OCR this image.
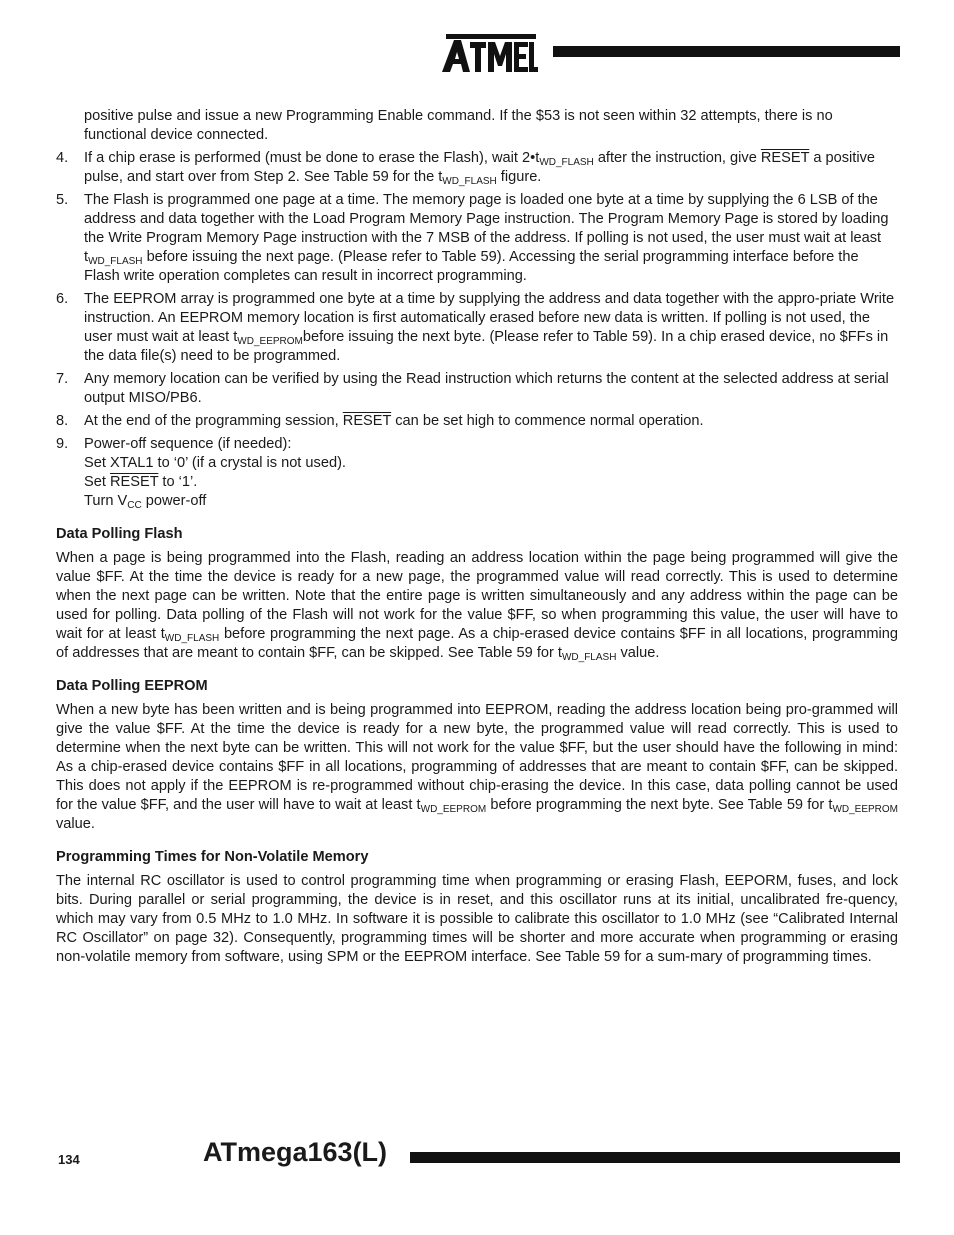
positive pulse and issue a new Programming Enable command. If the $53 is not seen within 32 attempts, there is no functional device connected.

4. If a chip erase is performed (must be done to erase the Flash), wait $2•t_{WD\_FLASH}$ after the instruction, give RESET a positive pulse, and start over from Step 2. See Table 59 for the $t_{WD\_FLASH}$ figure.
5. The Flash is programmed one page at a time. The memory page is loaded one byte at a time by supplying the 6 LSB of the address and data together with the Load Program Memory Page instruction. The Program Memory Page is stored by loading the Write Program Memory Page instruction with the 7 MSB of the address. If polling is not used, the user must wait at least $t_{WD\_FLASH}$ before issuing the next page. (Please refer to Table 59). Accessing the serial programming interface before the Flash write operation completes can result in incorrect programming.
6. The EEPROM array is programmed one byte at a time by supplying the address and data together with the appro-priate Write instruction. An EEPROM memory location is first automatically erased before new data is written. If polling is not used, the user must wait at least $t_{WD\_EEPROM}before$ issuing the next byte. (Please refer to Table 59). In a chip erased device, no $FFs in the data file(s) need to be programmed.
7. Any memory location can be verified by using the Read instruction which returns the content at the selected address at serial output MISO/PB6.
8. At the end of the programming session, RESET can be set high to commence normal operation.
9. Power-off sequence (if needed):
Set XTAL1 to ‘0’ (if a crystal is not used).
Set RESET to ‘1’.
Turn $V_{CC}$ power-off
Data Polling Flash

When a page is being programmed into the Flash, reading an address location within the page being programmed will give the value $FF. At the time the device is ready for a new page, the programmed value will read correctly. This is used to determine when the next page can be written. Note that the entire page is written simultaneously and any address within the page can be used for polling. Data polling of the Flash will not work for the value $FF, so when programming this value, the user will have to wait for at least $t_{WD\_FLASH}$ before programming the next page. As a chip-erased device contains $FF in all locations, programming of addresses that are meant to contain $FF, can be skipped. See Table 59 for $t_{WD\_FLASH}$ value.

Data Polling EEPROM

When a new byte has been written and is being programmed into EEPROM, reading the address location being pro-grammed will give the value $FF. At the time the device is ready for a new byte, the programmed value will read correctly. This is used to determine when the next byte can be written. This will not work for the value $FF, but the user should have the following in mind: As a chip-erased device contains $FF in all locations, programming of addresses that are meant to contain $FF, can be skipped. This does not apply if the EEPROM is re-programmed without chip-erasing the device. In this case, data polling cannot be used for the value $FF, and the user will have to wait at least $t_{WD\_EEPROM}$ before programming the next byte. See Table 59 for $t_{WD\_EEPROM}$ value.

Programming Times for Non-Volatile Memory

The internal RC oscillator is used to control programming time when programming or erasing Flash, EEPORM, fuses, and lock bits. During parallel or serial programming, the device is in reset, and this oscillator runs at its initial, uncalibrated fre-quency, which may vary from 0.5 MHz to 1.0 MHz. In software it is possible to calibrate this oscillator to 1.0 MHz (see “Calibrated Internal RC Oscillator” on page 32). Consequently, programming times will be shorter and more accurate when programming or erasing non-volatile memory from software, using SPM or the EEPROM interface. See Table 59 for a sum-mary of programming times.

134	ATmega163(L)
